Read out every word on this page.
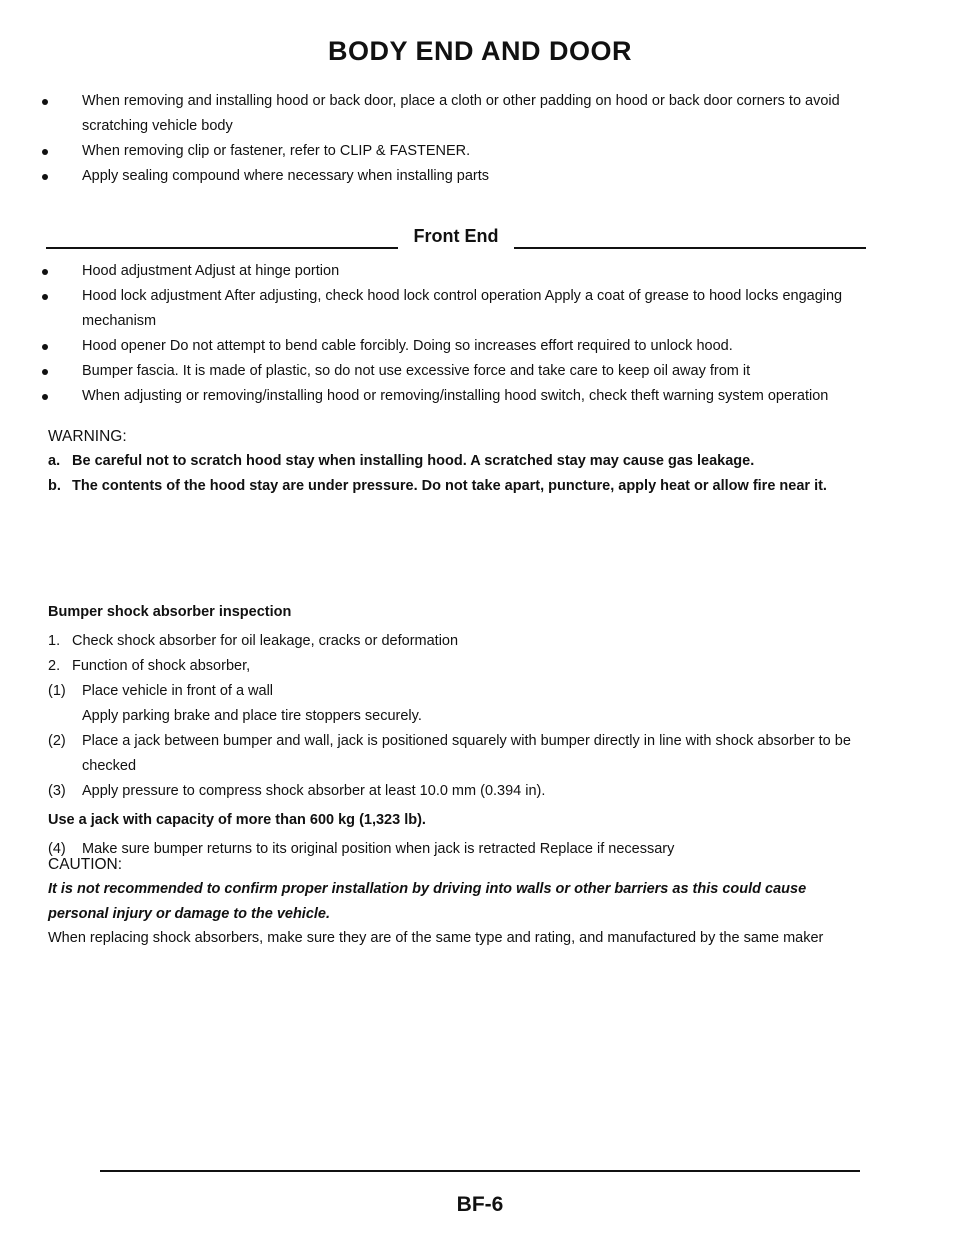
BODY END AND DOOR
When removing and installing hood or back door, place a cloth or other padding on hood or back door corners to avoid scratching vehicle body
When removing clip or fastener, refer to CLIP & FASTENER.
Apply sealing compound where necessary when installing parts
Front End
Hood adjustment Adjust at hinge portion
Hood lock adjustment After adjusting, check hood lock control operation Apply a coat of grease to hood locks engaging mechanism
Hood opener Do not attempt to bend cable forcibly. Doing so increases effort required to unlock hood.
Bumper fascia. It is made of plastic, so do not use excessive force and take care to keep oil away from it
When adjusting or removing/installing hood or removing/installing hood switch, check theft warning system operation
WARNING:
a. Be careful not to scratch hood stay when installing hood. A scratched stay may cause gas leakage.
b. The contents of the hood stay are under pressure. Do not take apart, puncture, apply heat or allow fire near it.
Bumper shock absorber inspection
1. Check shock absorber for oil leakage, cracks or deformation
2. Function of shock absorber,
(1) Place vehicle in front of a wall
Apply parking brake and place tire stoppers securely.
(2) Place a jack between bumper and wall, jack is positioned squarely with bumper directly in line with shock absorber to be checked
(3) Apply pressure to compress shock absorber at least 10.0 mm (0.394 in).
Use a jack with capacity of more than 600 kg (1,323 lb).
(4) Make sure bumper returns to its original position when jack is retracted Replace if necessary
CAUTION:
It is not recommended to confirm proper installation by driving into walls or other barriers as this could cause personal injury or damage to the vehicle.
When replacing shock absorbers, make sure they are of the same type and rating, and manufactured by the same maker
BF-6
